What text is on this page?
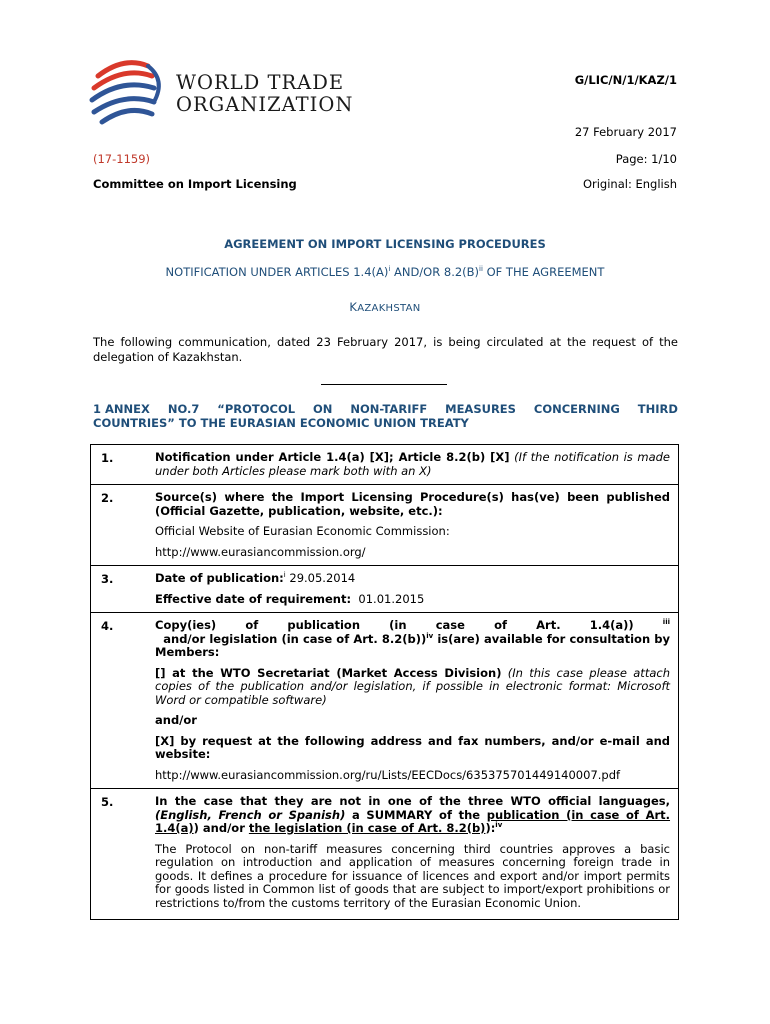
WORLD TRADE
ORGANIZATION
G/LIC/N/1/KAZ/1
27 February 2017
(17-1159)	Page: 1/10
Committee on Import Licensing	Original: English
AGREEMENT ON IMPORT LICENSING PROCEDURES
NOTIFICATION UNDER ARTICLES $1.4(A)^i$ AND/OR $8.2(B)^{ii}$ OF THE AGREEMENT
KAZAKHSTAN
The following communication, dated 23 February 2017, is being circulated at the request of the delegation of Kazakhstan.
1 ANNEX NO.7 “PROTOCOL ON NON-TARIFF MEASURES CONCERNING THIRD
COUNTRIES” TO THE EURASIAN ECONOMIC UNION TREATY
1.	Notification under Article 1.4(a) [X]; Article 8.2(b) [X] (If the notification is made under both Articles please mark both with an X)

2.	Source(s) where the Import Licensing Procedure(s) has(ve) been published (Official Gazette, publication, website, etc.):

Official Website of Eurasian Economic Commission:

http://www.eurasiancommission.org/

3.	Date of publication:$^i$ 29.05.2014

Effective date of requirement:  01.01.2015

4.	Copy(ies) of publication (in case of Art. 1.4(a)) $^{iii}$  and/or legislation (in case of Art. 8.2(b))$^{iv}$ is(are) available for consultation by Members:

[] at the WTO Secretariat (Market Access Division) (In this case please attach copies of the publication and/or legislation, if possible in electronic format: Microsoft Word or compatible software)

and/or

[X] by request at the following address and fax numbers, and/or e-mail and website:

http://www.eurasiancommission.org/ru/Lists/EECDocs/635375701449140007.pdf

5.	In the case that they are not in one of the three WTO official languages, (English, French or Spanish) a SUMMARY of the publication (in case of Art. 1.4(a)) and/or the legislation (in case of Art. 8.2(b)):$^{iv}$

The Protocol on non-tariff measures concerning third countries approves a basic regulation on introduction and application of measures concerning foreign trade in goods. It defines a procedure for issuance of licences and export and/or import permits for goods listed in Common list of goods that are subject to import/export prohibitions or restrictions to/from the customs territory of the Eurasian Economic Union.
